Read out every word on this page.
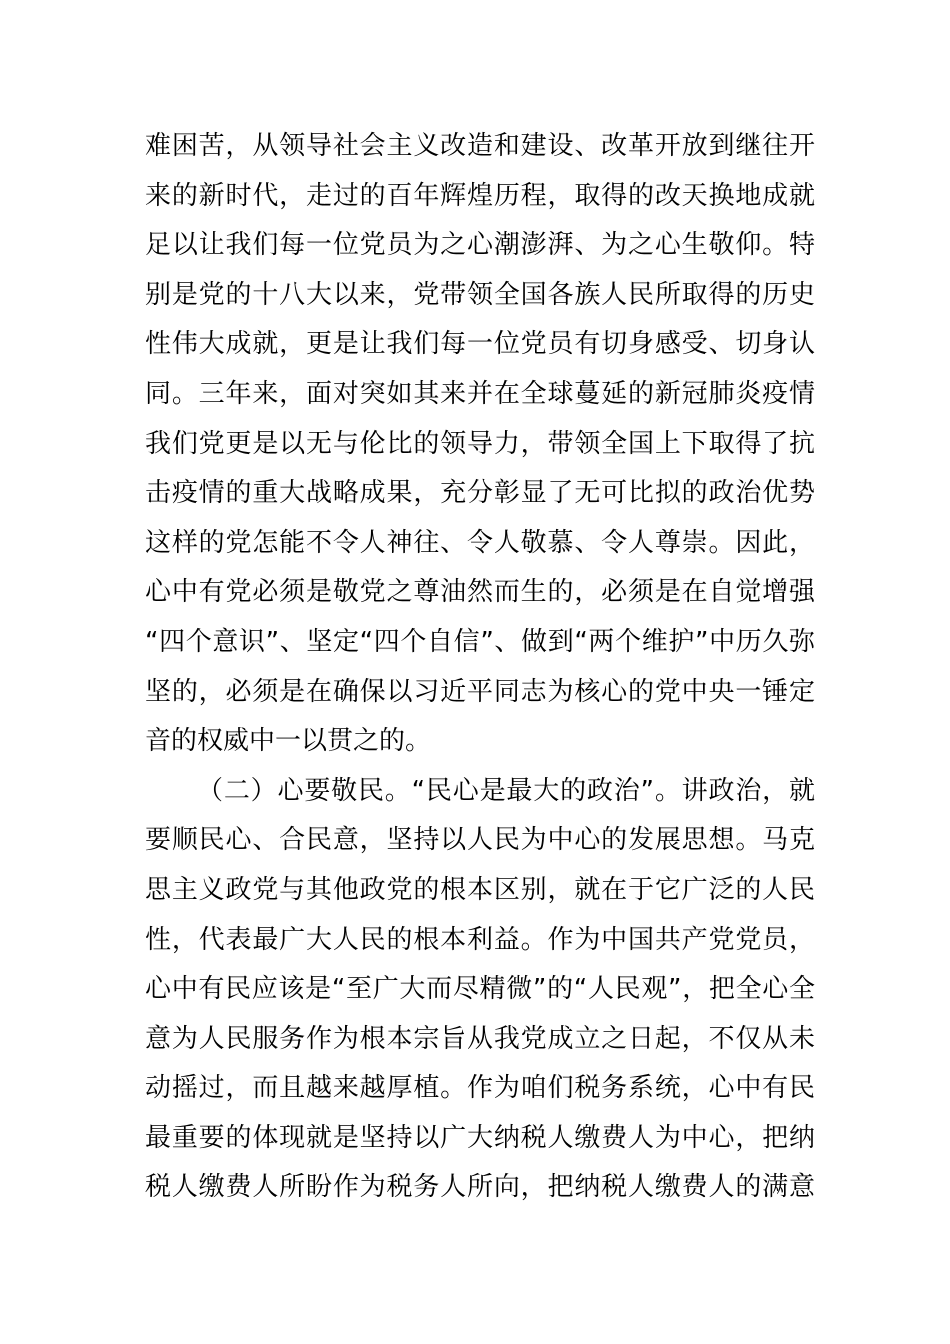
难困苦，从领导社会主义改造和建设、改革开放到继往开
来的新时代，走过的百年辉煌历程，取得的改天换地成就
足以让我们每一位党员为之心潮澎湃、为之心生敬仰。特
别是党的十八大以来，党带领全国各族人民所取得的历史
性伟大成就，更是让我们每一位党员有切身感受、切身认
同。三年来，面对突如其来并在全球蔓延的新冠肺炎疫情
我们党更是以无与伦比的领导力，带领全国上下取得了抗
击疫情的重大战略成果，充分彰显了无可比拟的政治优势
这样的党怎能不令人神往、令人敬慕、令人尊崇。因此，
心中有党必须是敬党之尊油然而生的，必须是在自觉增强
“四个意识”、坚定“四个自信”、做到“两个维护”中历久弥
坚的，必须是在确保以习近平同志为核心的党中央一锤定
音的权威中一以贯之的。
（二）心要敬民。“民心是最大的政治”。讲政治，就
要顺民心、合民意，坚持以人民为中心的发展思想。马克
思主义政党与其他政党的根本区别，就在于它广泛的人民
性，代表最广大人民的根本利益。作为中国共产党党员，
心中有民应该是“至广大而尽精微”的“人民观”，把全心全
意为人民服务作为根本宗旨从我党成立之日起，不仅从未
动摇过，而且越来越厚植。作为咱们税务系统，心中有民
最重要的体现就是坚持以广大纳税人缴费人为中心，把纳
税人缴费人所盼作为税务人所向，把纳税人缴费人的满意
